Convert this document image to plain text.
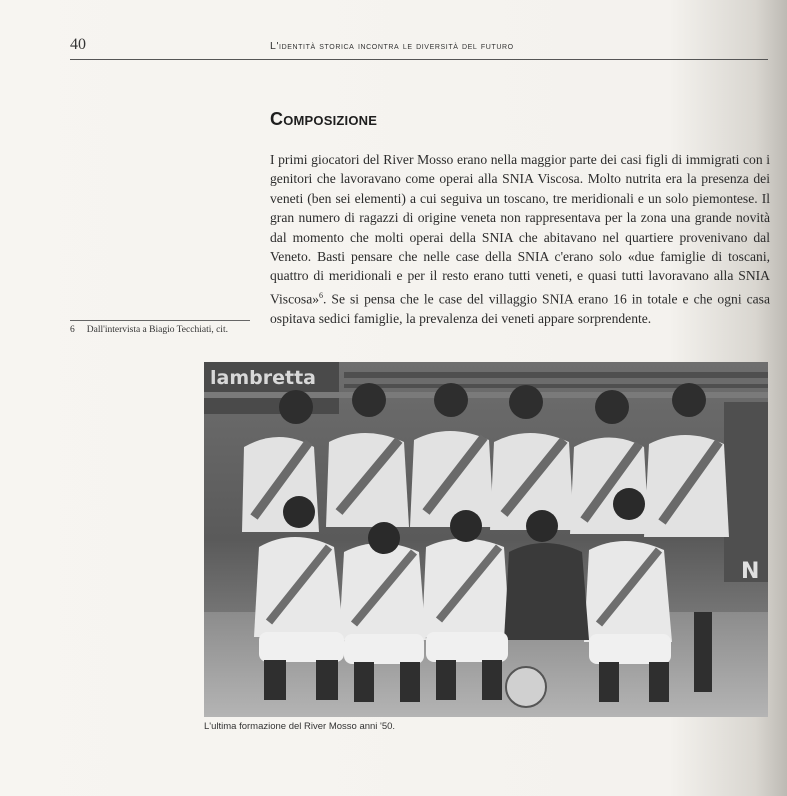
40	L'identità storica incontra le diversità del futuro
Composizione

I primi giocatori del River Mosso erano nella maggior parte dei casi figli di immigrati con i genitori che lavoravano come operai alla SNIA Viscosa. Molto nutrita era la presenza dei veneti (ben sei elementi) a cui seguiva un toscano, tre meridionali e un solo piemontese. Il gran numero di ragazzi di origine veneta non rappresentava per la zona una grande novità dal momento che molti operai della SNIA che abitavano nel quartiere provenivano dal Veneto. Basti pensare che nelle case della SNIA c'erano solo «due famiglie di toscani, quattro di meridionali e per il resto erano tutti veneti, e quasi tutti lavoravano alla SNIA Viscosa»$^6$. Se si pensa che le case del villaggio SNIA erano 16 in totale e che ogni casa ospitava sedici famiglie, la prevalenza dei veneti appare sorprendente.

6 Dall'intervista a Biagio Tecchiati, cit.
lambretta
N
L'ultima formazione del River Mosso anni '50.
